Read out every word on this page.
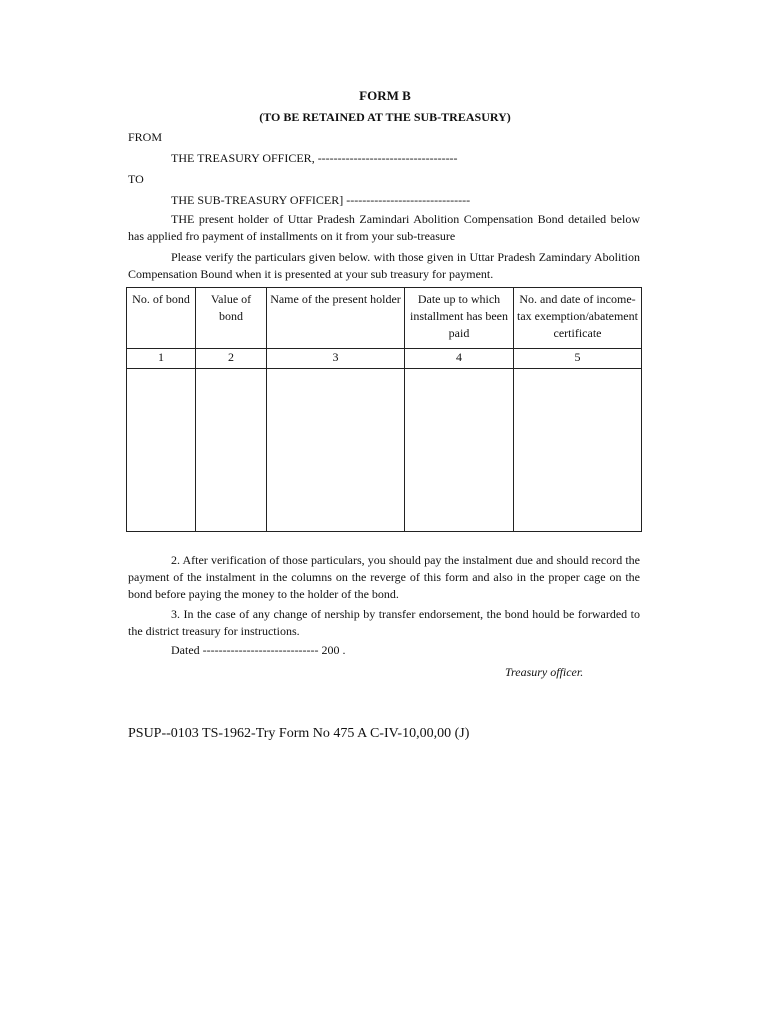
FORM B
(TO BE RETAINED AT THE SUB-TREASURY)
FROM
THE TREASURY OFFICER, -----------------------------------
TO
THE SUB-TREASURY OFFICER] -------------------------------
THE present holder of Uttar Pradesh Zamindari Abolition Compensation Bond detailed below has applied fro payment of installments on it from your sub-treasure
Please verify the particulars given below. with those given in Uttar Pradesh Zamindary Abolition Compensation Bound when it is presented at your sub treasury for payment.
No. of bond	Value of bond	Name of the present holder	Date up to which installment has been paid	No. and date of income-tax exemption/abatement certificate
1	2	3	4	5

2. After verification of those particulars, you should pay the instalment due and should record the payment of the instalment in the columns on the reverge of this form and also in the proper cage on the bond before paying the money to the holder of the bond.
3. In the case of any change of nership by transfer endorsement, the bond hould be forwarded to the district treasury for instructions.
Dated ----------------------------- 200 .
Treasury officer.
PSUP--0103 TS-1962-Try Form No 475 A C-IV-10,00,00 (J)
